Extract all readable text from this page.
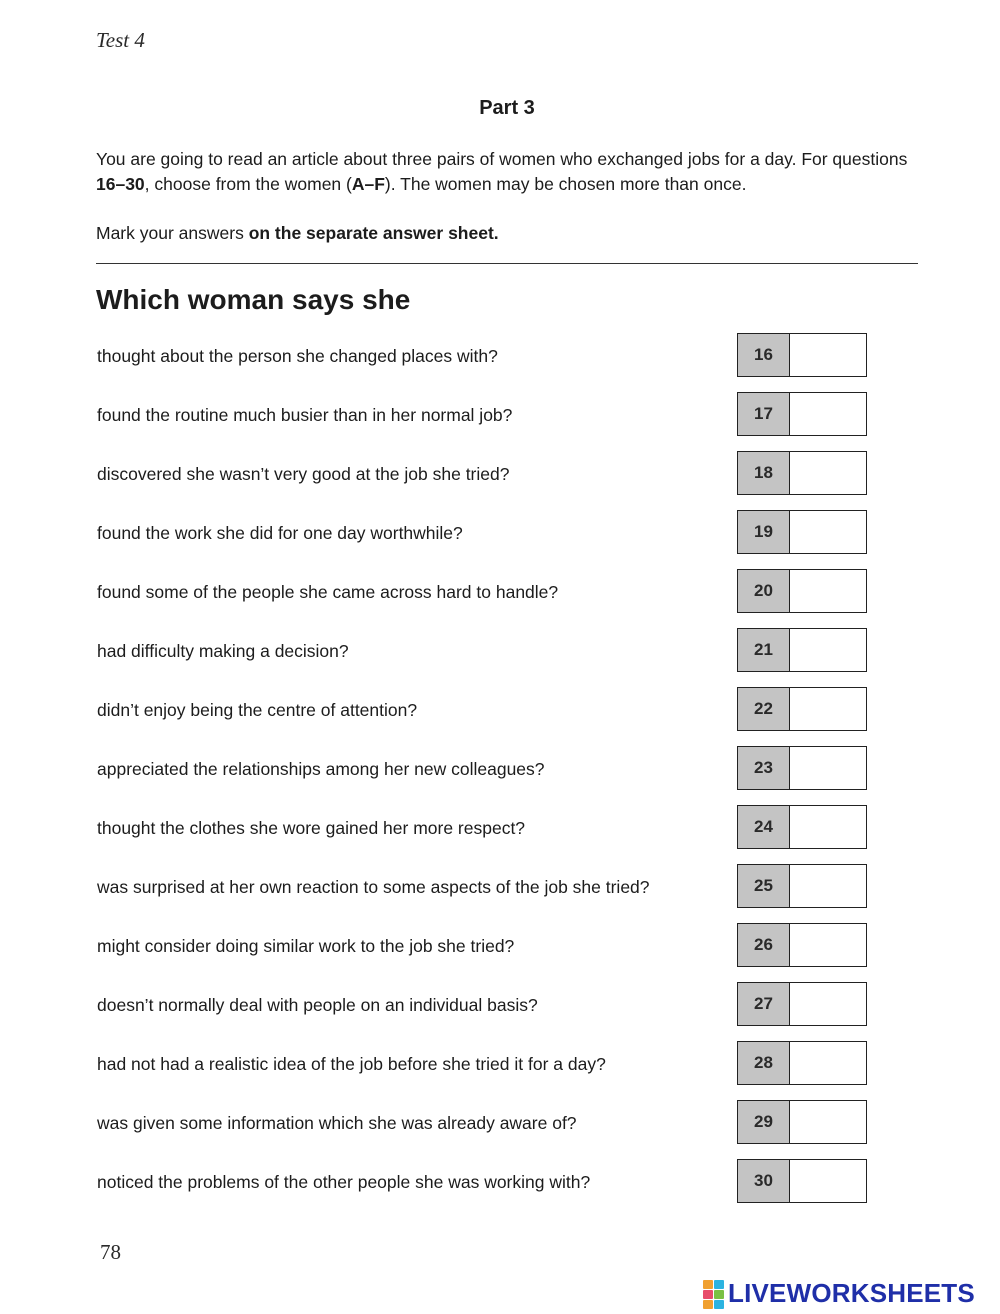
Test 4
Part 3
You are going to read an article about three pairs of women who exchanged jobs for a day. For questions 16–30, choose from the women (A–F). The women may be chosen more than once.
Mark your answers on the separate answer sheet.
Which woman says she
thought about the person she changed places with?	16
found the routine much busier than in her normal job?	17
discovered she wasn’t very good at the job she tried?	18
found the work she did for one day worthwhile?	19
found some of the people she came across hard to handle?	20
had difficulty making a decision?	21
didn’t enjoy being the centre of attention?	22
appreciated the relationships among her new colleagues?	23
thought the clothes she wore gained her more respect?	24
was surprised at her own reaction to some aspects of the job she tried?	25
might consider doing similar work to the job she tried?	26
doesn’t normally deal with people on an individual basis?	27
had not had a realistic idea of the job before she tried it for a day?	28
was given some information which she was already aware of?	29
noticed the problems of the other people she was working with?	30
78
LIVEWORKSHEETS
